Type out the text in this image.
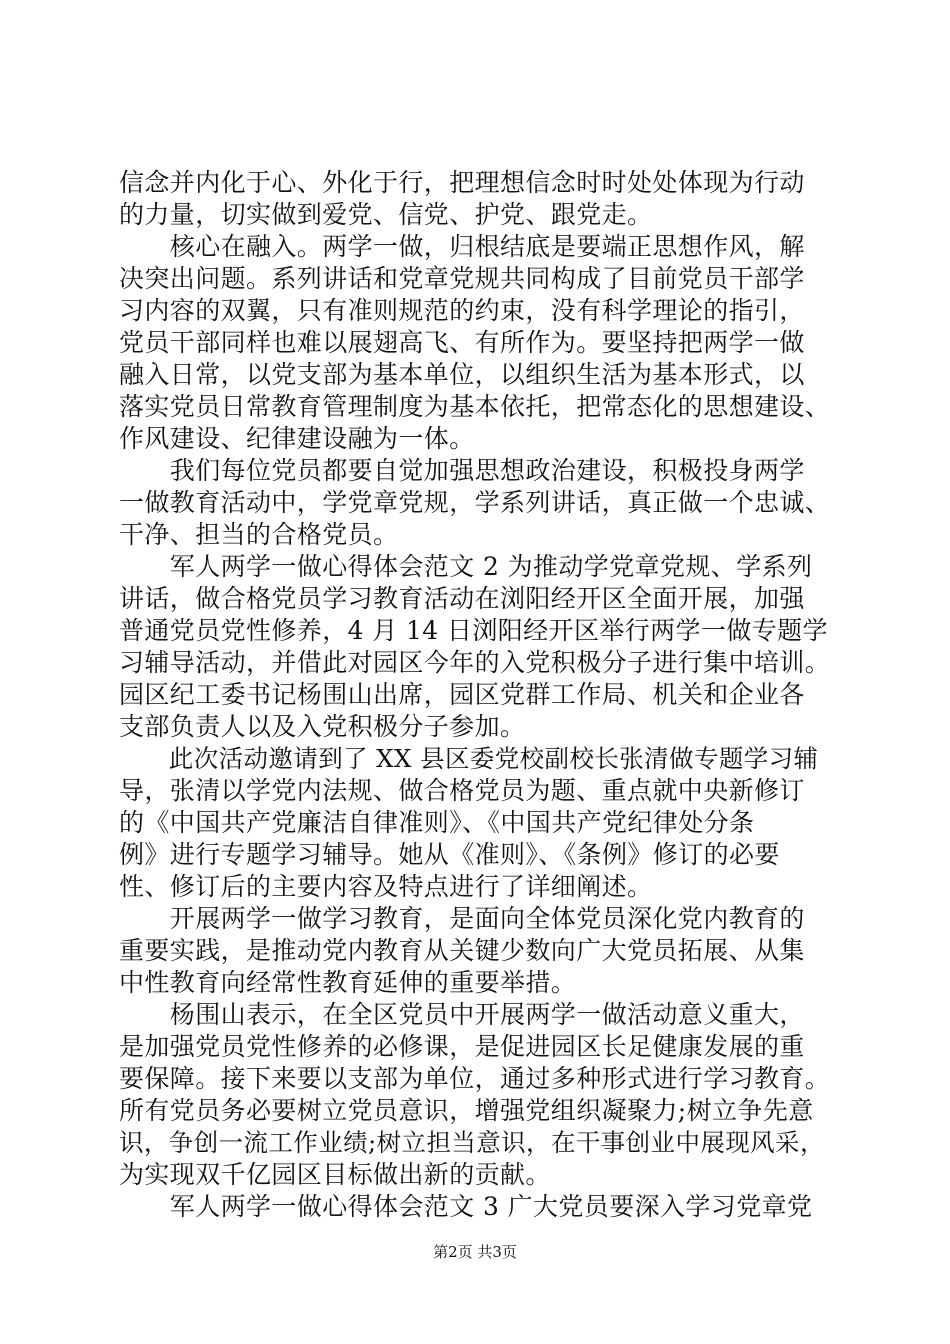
信念并内化于心、外化于行，把理想信念时时处处体现为行动
的力量，切实做到爱党、信党、护党、跟党走。
　　核心在融入。两学一做，归根结底是要端正思想作风，解
决突出问题。系列讲话和党章党规共同构成了目前党员干部学
习内容的双翼，只有准则规范的约束，没有科学理论的指引，
党员干部同样也难以展翅高飞、有所作为。要坚持把两学一做
融入日常，以党支部为基本单位，以组织生活为基本形式，以
落实党员日常教育管理制度为基本依托，把常态化的思想建设、
作风建设、纪律建设融为一体。
　　我们每位党员都要自觉加强思想政治建设，积极投身两学
一做教育活动中，学党章党规，学系列讲话，真正做一个忠诚、
干净、担当的合格党员。
　　军人两学一做心得体会范文 2 为推动学党章党规、学系列
讲话，做合格党员学习教育活动在浏阳经开区全面开展，加强
普通党员党性修养，4 月 14 日浏阳经开区举行两学一做专题学
习辅导活动，并借此对园区今年的入党积极分子进行集中培训。
园区纪工委书记杨围山出席，园区党群工作局、机关和企业各
支部负责人以及入党积极分子参加。
　　此次活动邀请到了 XX 县区委党校副校长张清做专题学习辅
导，张清以学党内法规、做合格党员为题、重点就中央新修订
的《中国共产党廉洁自律准则》、《中国共产党纪律处分条
例》进行专题学习辅导。她从《准则》、《条例》修订的必要
性、修订后的主要内容及特点进行了详细阐述。
　　开展两学一做学习教育，是面向全体党员深化党内教育的
重要实践，是推动党内教育从关键少数向广大党员拓展、从集
中性教育向经常性教育延伸的重要举措。
　　杨围山表示，在全区党员中开展两学一做活动意义重大，
是加强党员党性修养的必修课，是促进园区长足健康发展的重
要保障。接下来要以支部为单位，通过多种形式进行学习教育。
所有党员务必要树立党员意识，增强党组织凝聚力;树立争先意
识，争创一流工作业绩;树立担当意识，在干事创业中展现风采，
为实现双千亿园区目标做出新的贡献。
　　军人两学一做心得体会范文 3 广大党员要深入学习党章党
第2页 共3页
